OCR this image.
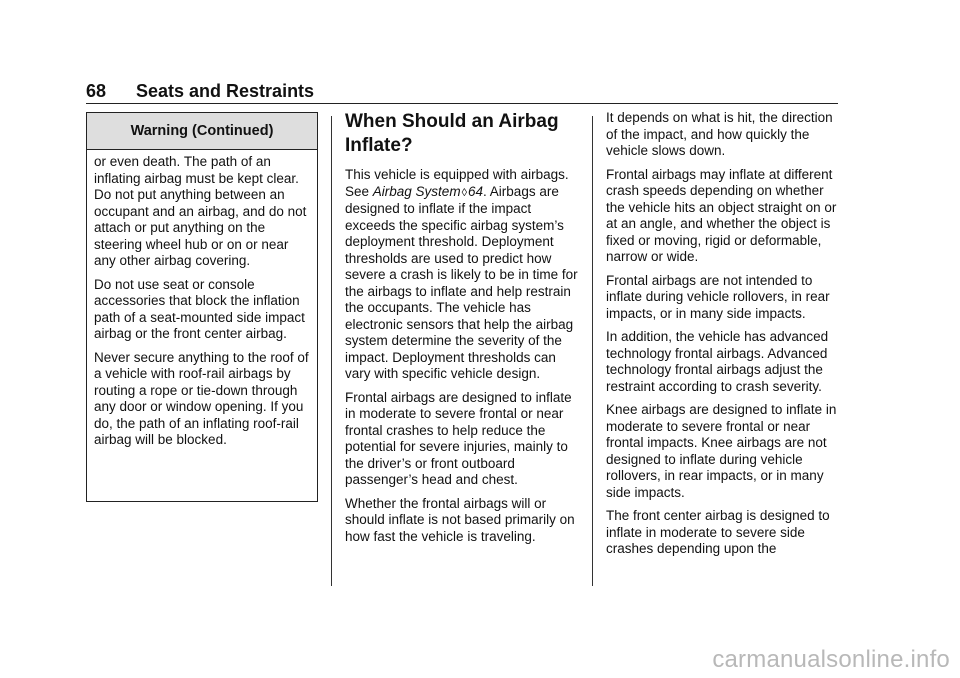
68 Seats and Restraints
Warning (Continued)

or even death. The path of an inflating airbag must be kept clear. Do not put anything between an occupant and an airbag, and do not attach or put anything on the steering wheel hub or on or near any other airbag covering.

Do not use seat or console accessories that block the inflation path of a seat-mounted side impact airbag or the front center airbag.

Never secure anything to the roof of a vehicle with roof-rail airbags by routing a rope or tie-down through any door or window opening. If you do, the path of an inflating roof-rail airbag will be blocked.

When Should an Airbag Inflate?

This vehicle is equipped with airbags. See Airbag System◊64. Airbags are designed to inflate if the impact exceeds the specific airbag system’s deployment threshold. Deployment thresholds are used to predict how severe a crash is likely to be in time for the airbags to inflate and help restrain the occupants. The vehicle has electronic sensors that help the airbag system determine the severity of the impact. Deployment thresholds can vary with specific vehicle design.

Frontal airbags are designed to inflate in moderate to severe frontal or near frontal crashes to help reduce the potential for severe injuries, mainly to the driver’s or front outboard passenger’s head and chest.

Whether the frontal airbags will or should inflate is not based primarily on how fast the vehicle is traveling.

It depends on what is hit, the direction of the impact, and how quickly the vehicle slows down.

Frontal airbags may inflate at different crash speeds depending on whether the vehicle hits an object straight on or at an angle, and whether the object is fixed or moving, rigid or deformable, narrow or wide.

Frontal airbags are not intended to inflate during vehicle rollovers, in rear impacts, or in many side impacts.

In addition, the vehicle has advanced technology frontal airbags. Advanced technology frontal airbags adjust the restraint according to crash severity.

Knee airbags are designed to inflate in moderate to severe frontal or near frontal impacts. Knee airbags are not designed to inflate during vehicle rollovers, in rear impacts, or in many side impacts.

The front center airbag is designed to inflate in moderate to severe side crashes depending upon the

carmanualsonline.info
